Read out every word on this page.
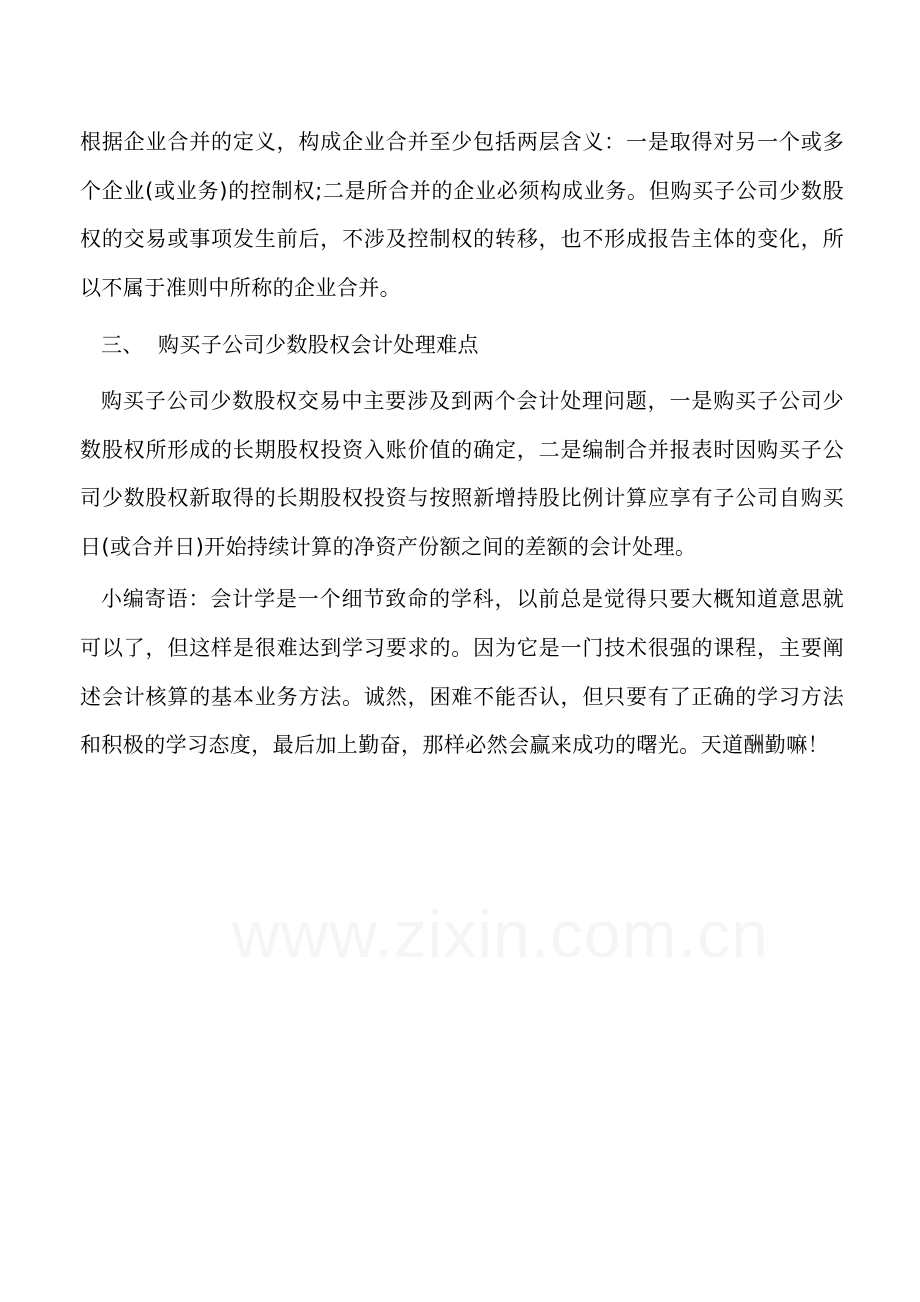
根据企业合并的定义，构成企业合并至少包括两层含义：一是取得对另一个或多个企业(或业务)的控制权;二是所合并的企业必须构成业务。但购买子公司少数股权的交易或事项发生前后，不涉及控制权的转移，也不形成报告主体的变化，所以不属于准则中所称的企业合并。

三、  购买子公司少数股权会计处理难点

购买子公司少数股权交易中主要涉及到两个会计处理问题，一是购买子公司少数股权所形成的长期股权投资入账价值的确定，二是编制合并报表时因购买子公司少数股权新取得的长期股权投资与按照新增持股比例计算应享有子公司自购买日(或合并日)开始持续计算的净资产份额之间的差额的会计处理。

小编寄语：会计学是一个细节致命的学科，以前总是觉得只要大概知道意思就可以了，但这样是很难达到学习要求的。因为它是一门技术很强的课程，主要阐述会计核算的基本业务方法。诚然，困难不能否认，但只要有了正确的学习方法和积极的学习态度，最后加上勤奋，那样必然会赢来成功的曙光。天道酬勤嘛！

www.zixin.com.cn
